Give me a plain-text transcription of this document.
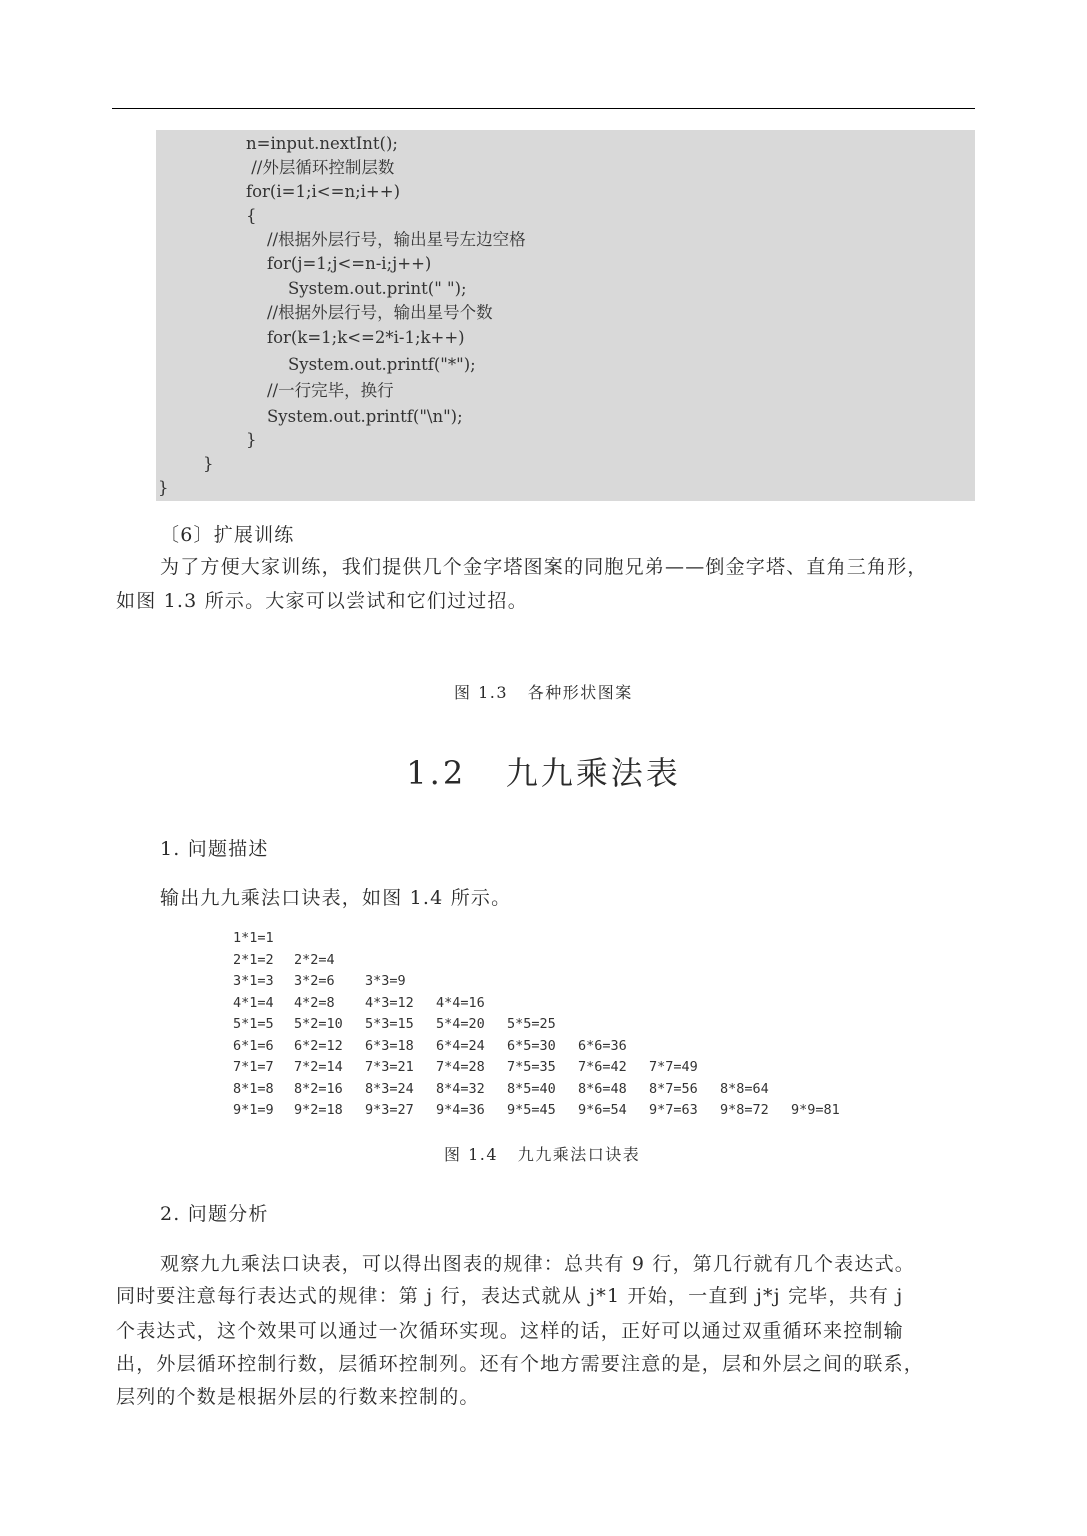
n=input.nextInt();
//外层循环控制层数
for(i=1;i<=n;i++)
{
//根据外层行号，输出星号左边空格
for(j=1;j<=n-i;j++)
System.out.print(" ");
//根据外层行号，输出星号个数
for(k=1;k<=2*i-1;k++)
System.out.printf("*");
//一行完毕，换行
System.out.printf("\n");
}
}
}
〔6〕扩展训练
为了方便大家训练，我们提供几个金字塔图案的同胞兄弟——倒金字塔、直角三角形，
如图 1.3 所示。大家可以尝试和它们过过招。
图 1.3   各种形状图案
1.2   九九乘法表
1. 问题描述
输出九九乘法口诀表，如图 1.4 所示。
1*1=1
2*1=2 2*2=4
3*1=3 3*2=6 3*3=9
4*1=4 4*2=8 4*3=12 4*4=16
5*1=5 5*2=10 5*3=15 5*4=20 5*5=25
6*1=6 6*2=12 6*3=18 6*4=24 6*5=30 6*6=36
7*1=7 7*2=14 7*3=21 7*4=28 7*5=35 7*6=42 7*7=49
8*1=8 8*2=16 8*3=24 8*4=32 8*5=40 8*6=48 8*7=56 8*8=64
9*1=9 9*2=18 9*3=27 9*4=36 9*5=45 9*6=54 9*7=63 9*8=72 9*9=81
图 1.4   九九乘法口诀表
2. 问题分析
观察九九乘法口诀表，可以得出图表的规律：总共有 9 行，第几行就有几个表达式。
同时要注意每行表达式的规律：第 j 行，表达式就从 j*1 开始，一直到 j*j 完毕，共有 j
个表达式，这个效果可以通过一次循环实现。这样的话，正好可以通过双重循环来控制输
出，外层循环控制行数，层循环控制列。还有个地方需要注意的是，层和外层之间的联系，
层列的个数是根据外层的行数来控制的。
